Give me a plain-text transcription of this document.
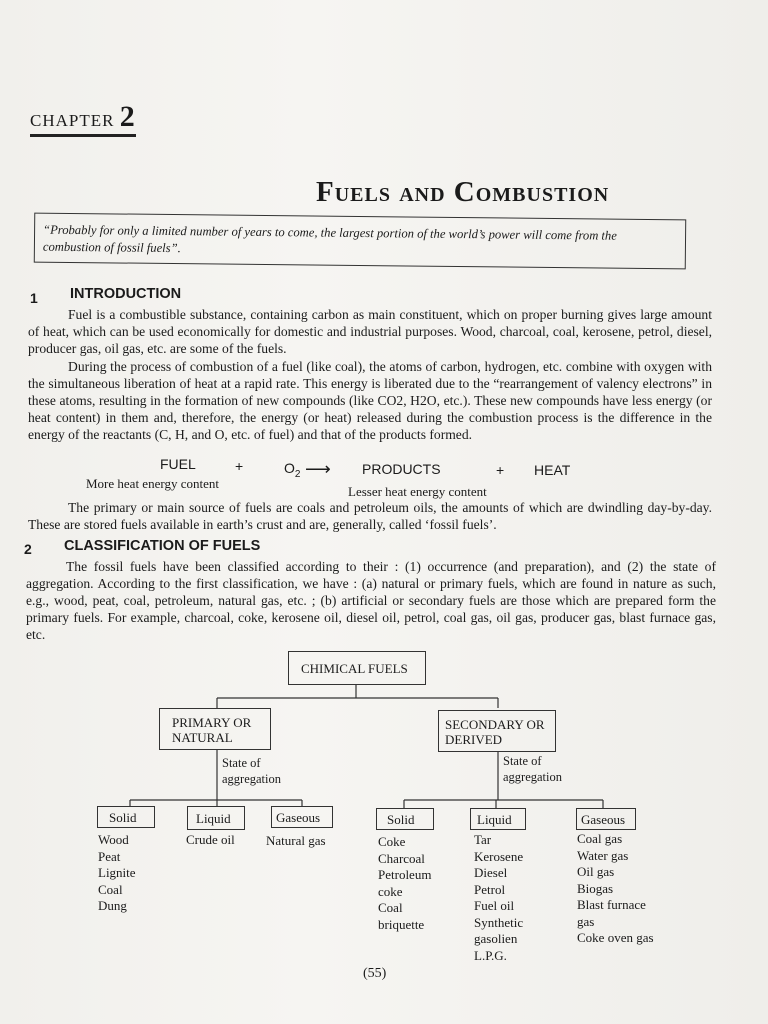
CHAPTER 2
Fuels and Combustion
“Probably for only a limited number of years to come, the largest portion of the world’s power will come from the combustion of fossil fuels”.
1 INTRODUCTION
Fuel is a combustible substance, containing carbon as main constituent, which on proper burning gives large amount of heat, which can be used economically for domestic and industrial purposes. Wood, charcoal, coal, kerosene, petrol, diesel, producer gas, oil gas, etc. are some of the fuels.
During the process of combustion of a fuel (like coal), the atoms of carbon, hydrogen, etc. combine with oxygen with the simultaneous liberation of heat at a rapid rate. This energy is liberated due to the “rearrangement of valency electrons” in these atoms, resulting in the formation of new compounds (like CO2, H2O, etc.). These new compounds have less energy (or heat content) in them and, therefore, the energy (or heat) released during the combustion process is the difference in the energy of the reactants (C, H, and O, etc. of fuel) and that of the products formed.
FUEL	+	$O_2$ ⟶ PRODUCTS	+ HEAT
More heat energy content
Lesser heat energy content
The primary or main source of fuels are coals and petroleum oils, the amounts of which are dwindling day-by-day. These are stored fuels available in earth’s crust and are, generally, called ‘fossil fuels’.
2 CLASSIFICATION OF FUELS
The fossil fuels have been classified according to their : (1) occurrence (and preparation), and (2) the state of aggregation. According to the first classification, we have : (a) natural or primary fuels, which are found in nature as such, e.g., wood, peat, coal, petroleum, natural gas, etc. ; (b) artificial or secondary fuels are those which are prepared form the primary fuels. For example, charcoal, coke, kerosene oil, diesel oil, petrol, coal gas, oil gas, producer gas, blast furnace gas, etc.
CHIMICAL FUELS
PRIMARY OR NATURAL
SECONDARY OR DERIVED
State of aggregation
State of aggregation
Solid	Liquid	Gaseous
Wood
Peat
Lignite
Coal
Dung
Crude oil Natural gas
Solid	Liquid	Gaseous
Coke
Charcoal
Petroleum
coke
Coal
briquette
Tar
Kerosene
Diesel
Petrol
Fuel oil
Synthetic
gasolien
L.P.G.
Coal gas
Water gas
Oil gas
Biogas
Blast furnace
gas
Coke oven gas
(55)
